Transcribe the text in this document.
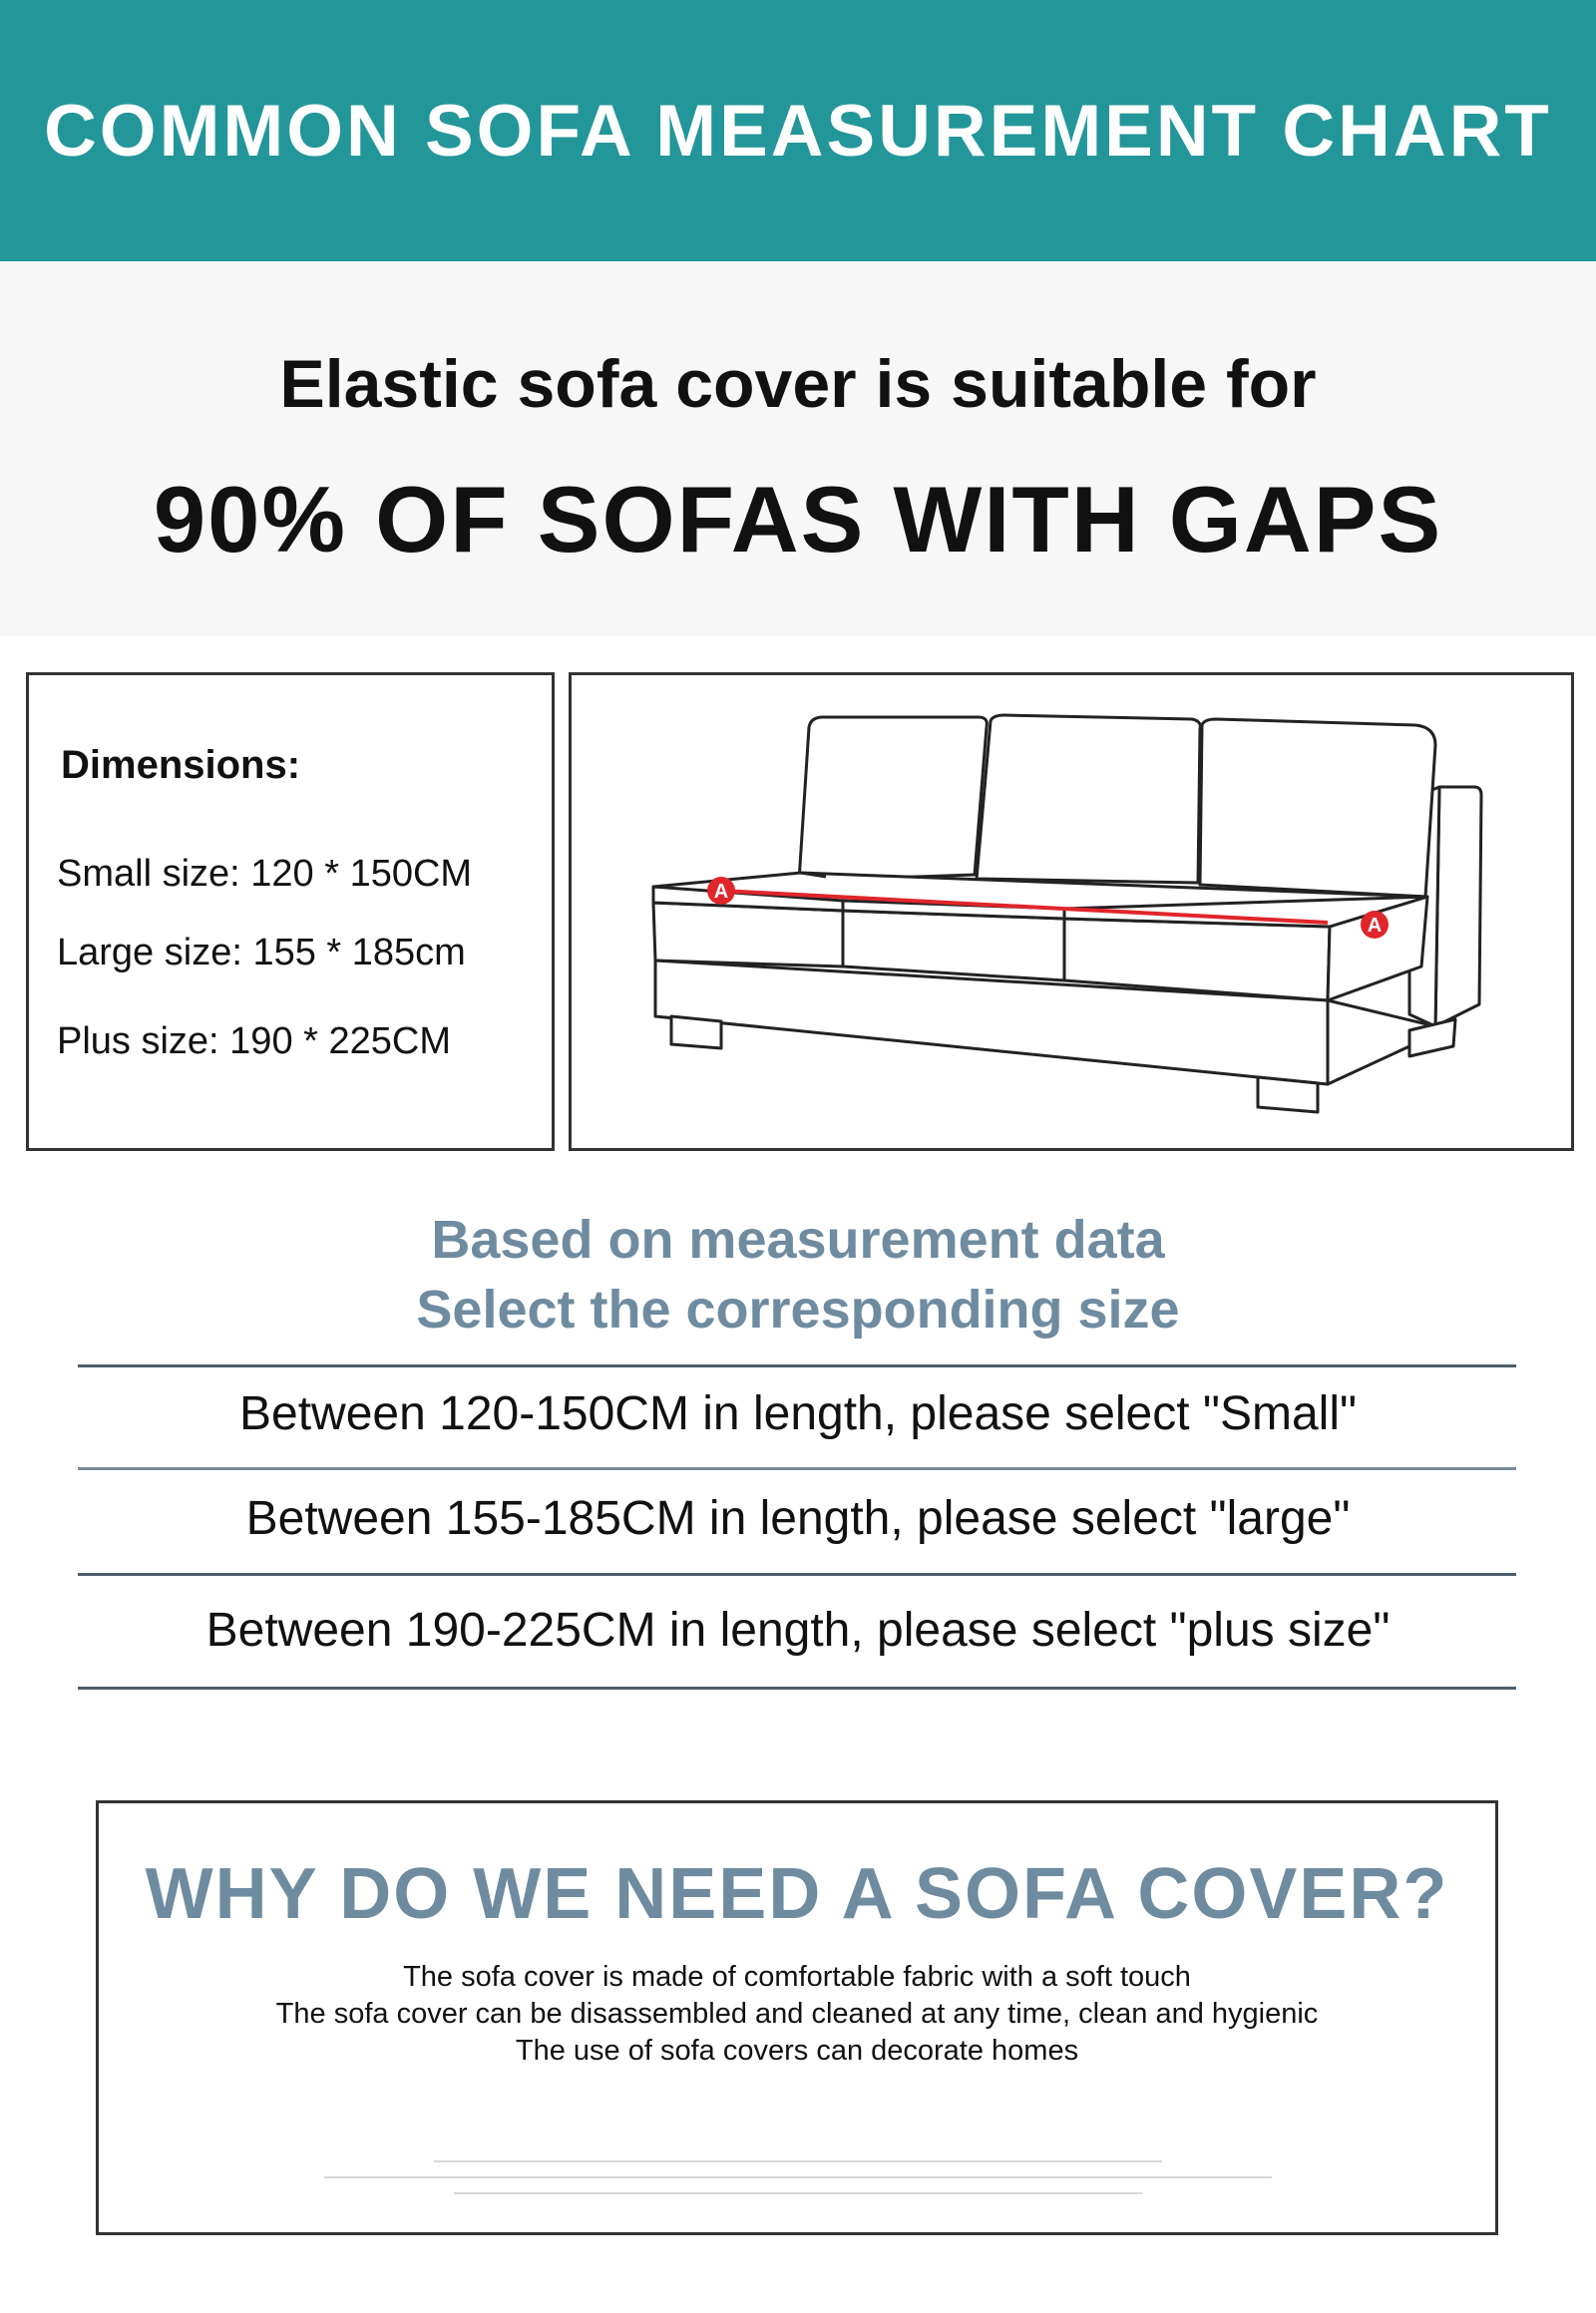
COMMON SOFA MEASUREMENT CHART
Elastic sofa cover is suitable for
90% OF SOFAS WITH GAPS
Dimensions:
Small size: 120 * 150CM
Large size: 155 * 185cm
Plus size: 190 * 225CM
A
A
Based on measurement data
Select the corresponding size
Between 120-150CM in length, please select "Small"
Between 155-185CM in length, please select "large"
Between 190-225CM in length, please select "plus size"
WHY DO WE NEED A SOFA COVER?
The sofa cover is made of comfortable fabric with a soft touch
The sofa cover can be disassembled and cleaned at any time, clean and hygienic
The use of sofa covers can decorate homes
